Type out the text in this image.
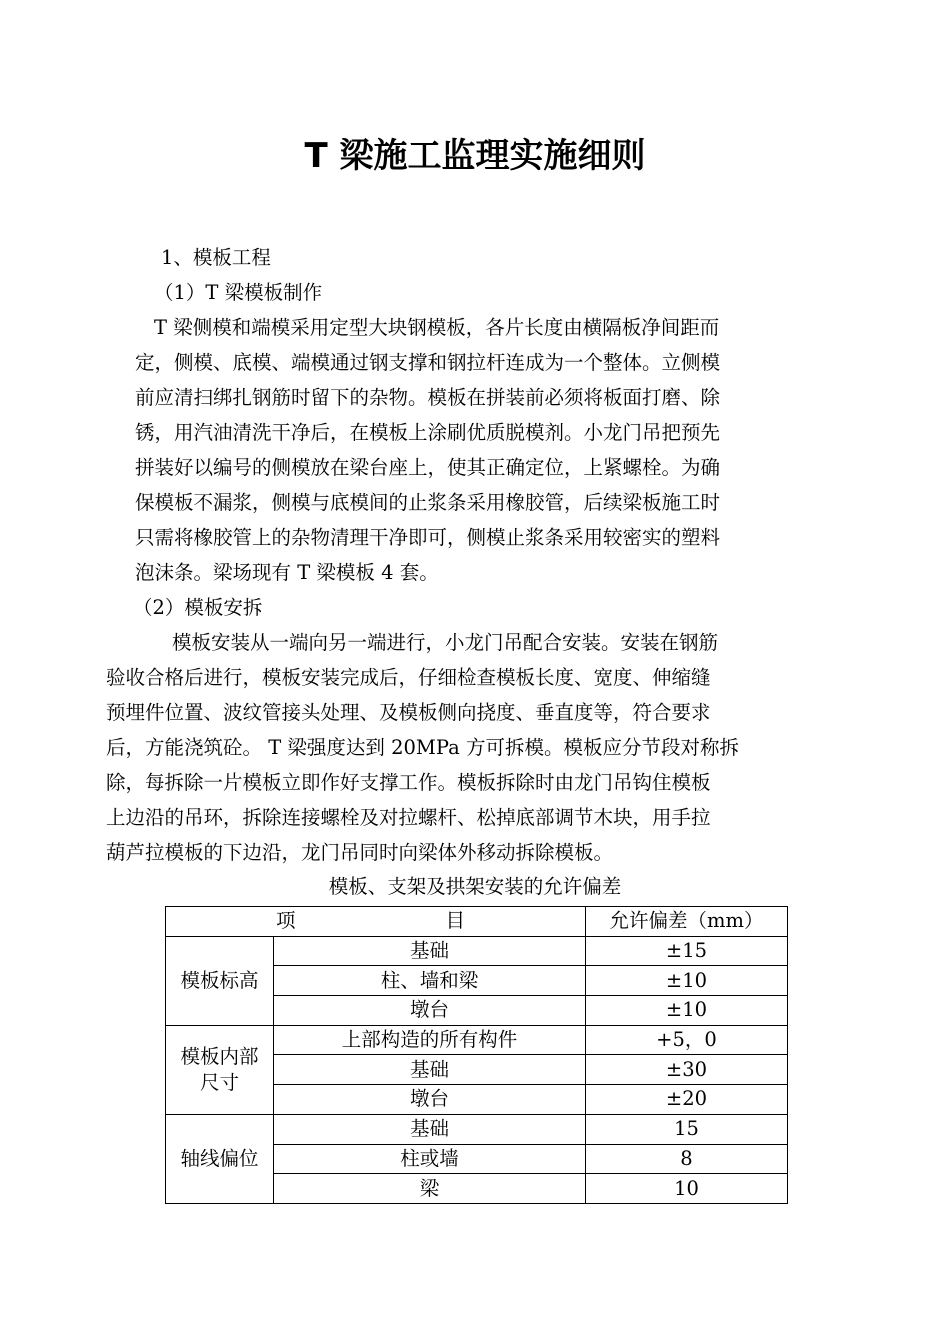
T 梁施工监理实施细则

1、模板工程

（1）T 梁模板制作

T 梁侧模和端模采用定型大块钢模板，各片长度由横隔板净间距而

定，侧模、底模、端模通过钢支撑和钢拉杆连成为一个整体。立侧模

前应清扫绑扎钢筋时留下的杂物。模板在拼装前必须将板面打磨、除

锈，用汽油清洗干净后，在模板上涂刷优质脱模剂。小龙门吊把预先

拼装好以编号的侧模放在梁台座上，使其正确定位，上紧螺栓。为确

保模板不漏浆，侧模与底模间的止浆条采用橡胶管，后续梁板施工时

只需将橡胶管上的杂物清理干净即可，侧模止浆条采用较密实的塑料

泡沫条。梁场现有 T 梁模板 4 套。

（2）模板安拆

模板安装从一端向另一端进行，小龙门吊配合安装。安装在钢筋

验收合格后进行，模板安装完成后，仔细检查模板长度、宽度、伸缩缝

预埋件位置、波纹管接头处理、及模板侧向挠度、垂直度等，符合要求

后，方能浇筑砼。 T 梁强度达到 20MPa 方可拆模。模板应分节段对称拆

除，每拆除一片模板立即作好支撑工作。模板拆除时由龙门吊钩住模板

上边沿的吊环，拆除连接螺栓及对拉螺杆、松掉底部调节木块，用手拉

葫芦拉模板的下边沿，龙门吊同时向梁体外移动拆除模板。

模板、支架及拱架安装的允许偏差

项 目		允许偏差（mm）
模板标高	基础	±15
	柱、墙和梁	±10
	墩台	±10

模板内部
尺寸	上部构造的所有构件	+5，0
	基础	±30
	墩台	±20
轴线偏位	基础	15
	柱或墙	8
	梁	10
